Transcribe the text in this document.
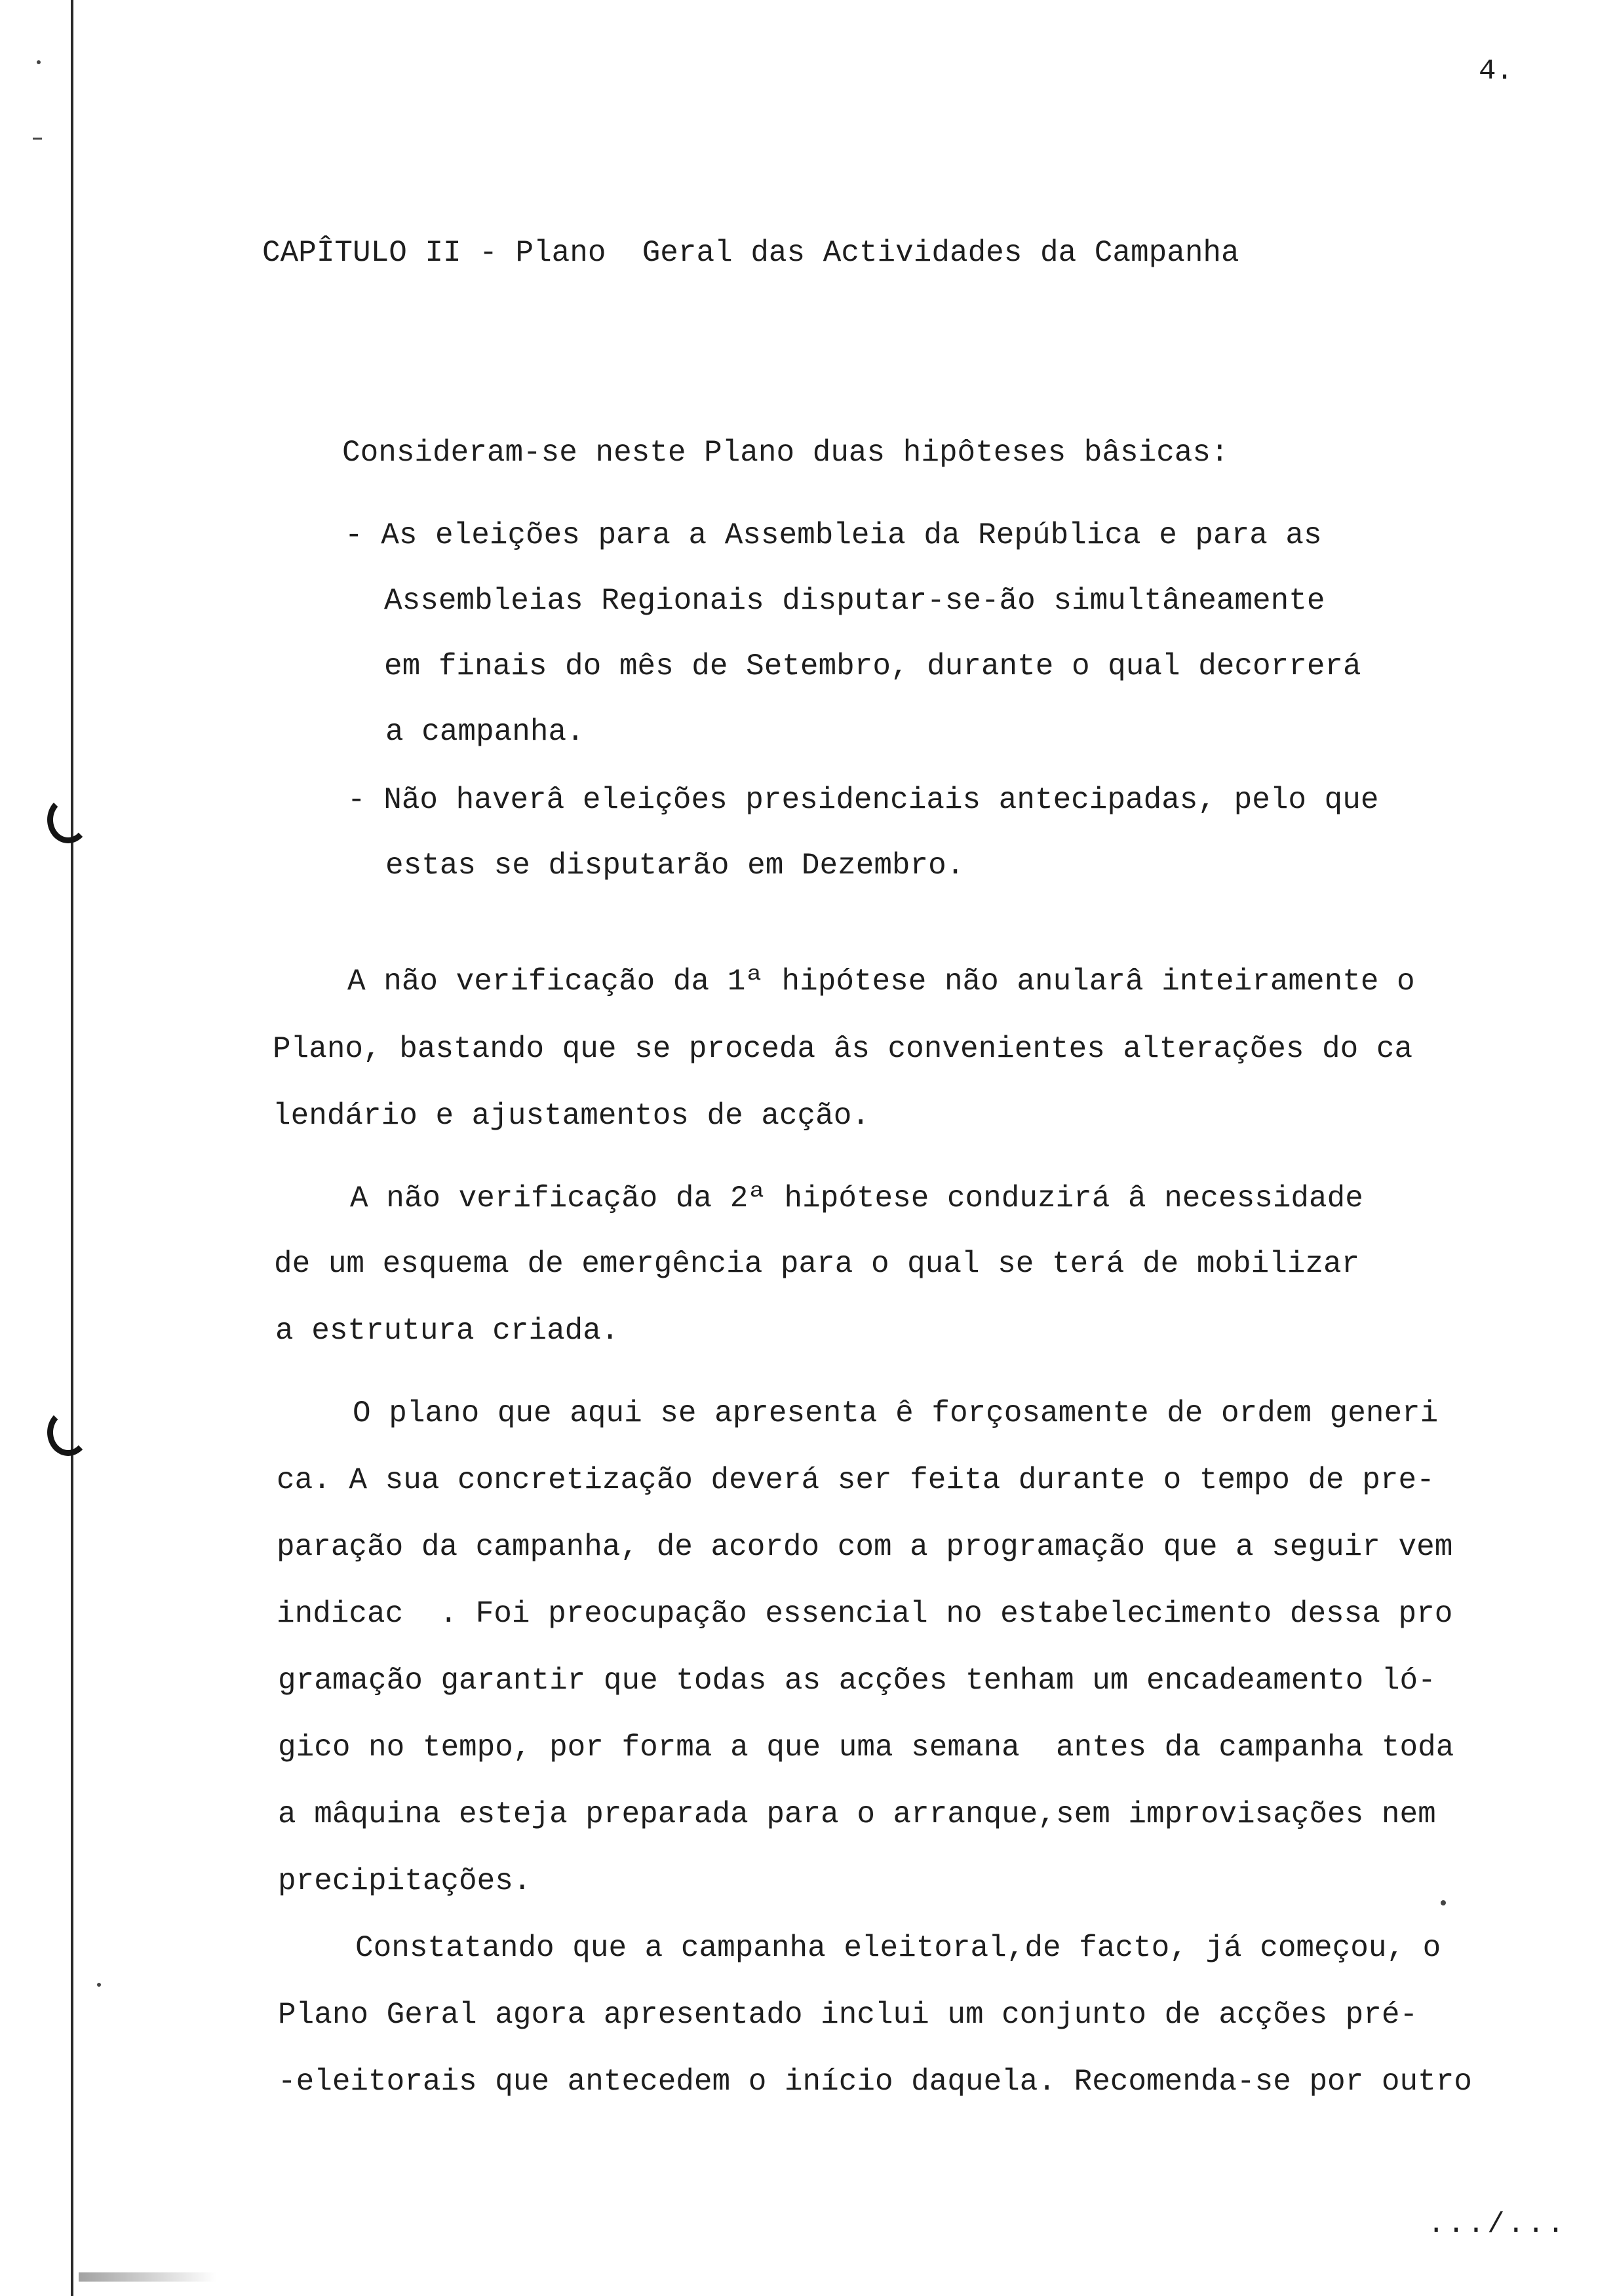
4.
CAPÎTULO II - Plano  Geral das Actividades da Campanha
Consideram-se neste Plano duas hipôteses bâsicas:
- As eleições para a Assembleia da República e para as
Assembleias Regionais disputar-se-ão simultâneamente
em finais do mês de Setembro, durante o qual decorrerá
a campanha.
- Não haverâ eleições presidenciais antecipadas, pelo que
estas se disputarão em Dezembro.
A não verificação da 1ª hipótese não anularâ inteiramente o
Plano, bastando que se proceda âs convenientes alterações do ca
lendário e ajustamentos de acção.
A não verificação da 2ª hipótese conduzirá â necessidade
de um esquema de emergência para o qual se terá de mobilizar
a estrutura criada.
O plano que aqui se apresenta ê forçosamente de ordem generi
ca. A sua concretização deverá ser feita durante o tempo de pre-
paração da campanha, de acordo com a programação que a seguir vem
indicac  . Foi preocupação essencial no estabelecimento dessa pro
gramação garantir que todas as acções tenham um encadeamento ló-
gico no tempo, por forma a que uma semana  antes da campanha toda
a mâquina esteja preparada para o arranque,sem improvisações nem
precipitações.
Constatando que a campanha eleitoral,de facto, já começou, o
Plano Geral agora apresentado inclui um conjunto de acções pré-
-eleitorais que antecedem o início daquela. Recomenda-se por outro
.../...
